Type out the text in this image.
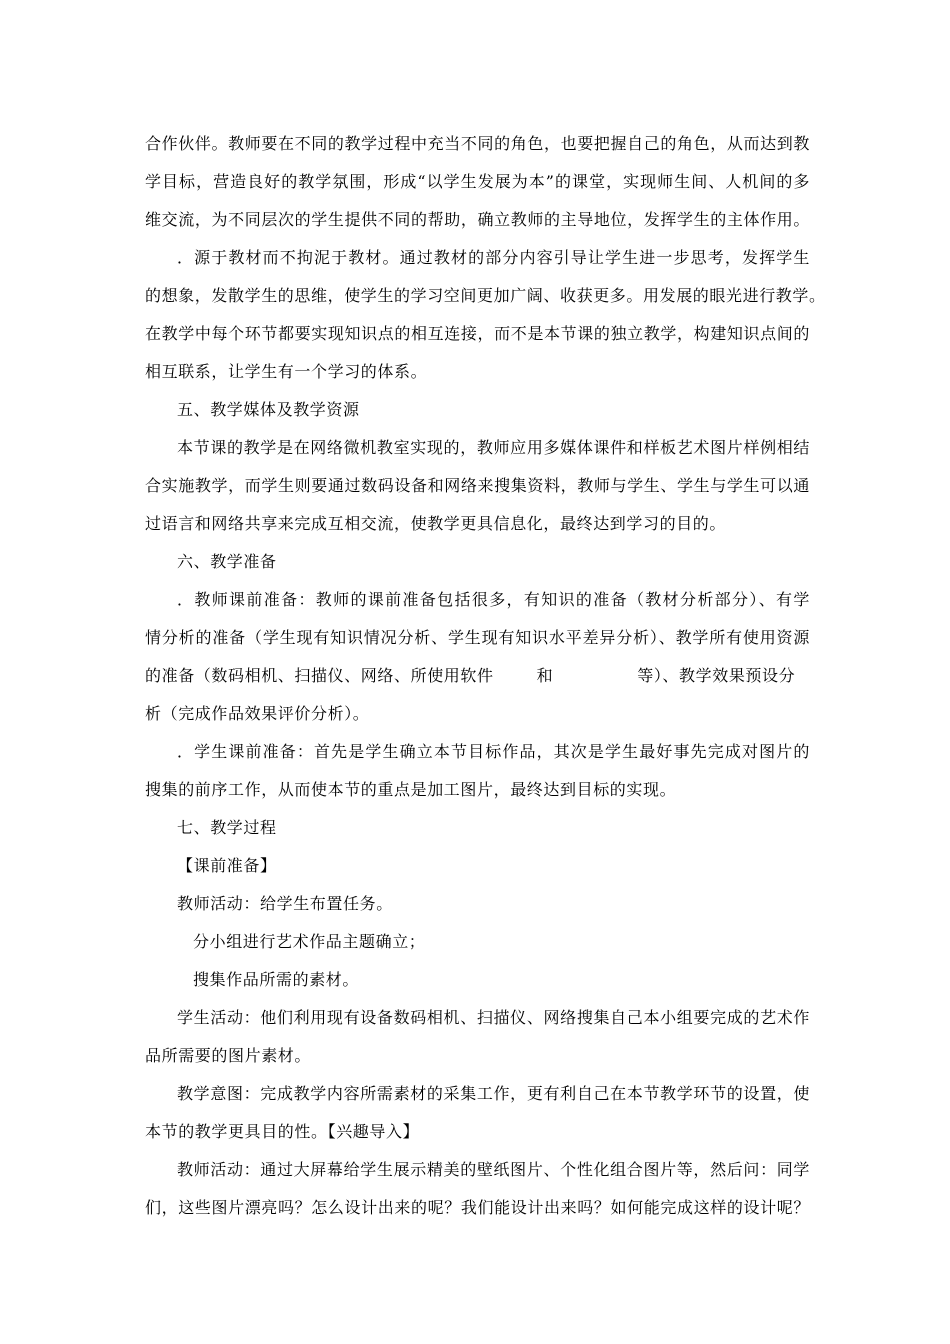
合作伙伴。教师要在不同的教学过程中充当不同的角色，也要把握自己的角色，从而达到教
学目标，营造良好的教学氛围，形成“以学生发展为本”的课堂，实现师生间、人机间的多
维交流，为不同层次的学生提供不同的帮助，确立教师的主导地位，发挥学生的主体作用。
．源于教材而不拘泥于教材。通过教材的部分内容引导让学生进一步思考，发挥学生
的想象，发散学生的思维，使学生的学习空间更加广阔、收获更多。用发展的眼光进行教学。
在教学中每个环节都要实现知识点的相互连接，而不是本节课的独立教学，构建知识点间的
相互联系，让学生有一个学习的体系。
五、教学媒体及教学资源
本节课的教学是在网络微机教室实现的，教师应用多媒体课件和样板艺术图片样例相结
合实施教学，而学生则要通过数码设备和网络来搜集资料，教师与学生、学生与学生可以通
过语言和网络共享来完成互相交流，使教学更具信息化，最终达到学习的目的。
六、教学准备
．教师课前准备：教师的课前准备包括很多，有知识的准备（教材分析部分）、有学
情分析的准备（学生现有知识情况分析、学生现有知识水平差异分析）、教学所有使用资源
的准备（数码相机、扫描仪、网络、所使用软件	和	等）、教学效果预设分
析（完成作品效果评价分析）。
．学生课前准备：首先是学生确立本节目标作品，其次是学生最好事先完成对图片的
搜集的前序工作，从而使本节的重点是加工图片，最终达到目标的实现。
七、教学过程
【课前准备】
教师活动：给学生布置任务。
分小组进行艺术作品主题确立；
搜集作品所需的素材。
学生活动：他们利用现有设备数码相机、扫描仪、网络搜集自己本小组要完成的艺术作
品所需要的图片素材。
教学意图：完成教学内容所需素材的采集工作，更有利自己在本节教学环节的设置，使
本节的教学更具目的性。【兴趣导入】
教师活动：通过大屏幕给学生展示精美的壁纸图片、个性化组合图片等，然后问：同学
们，这些图片漂亮吗？怎么设计出来的呢？我们能设计出来吗？如何能完成这样的设计呢？
